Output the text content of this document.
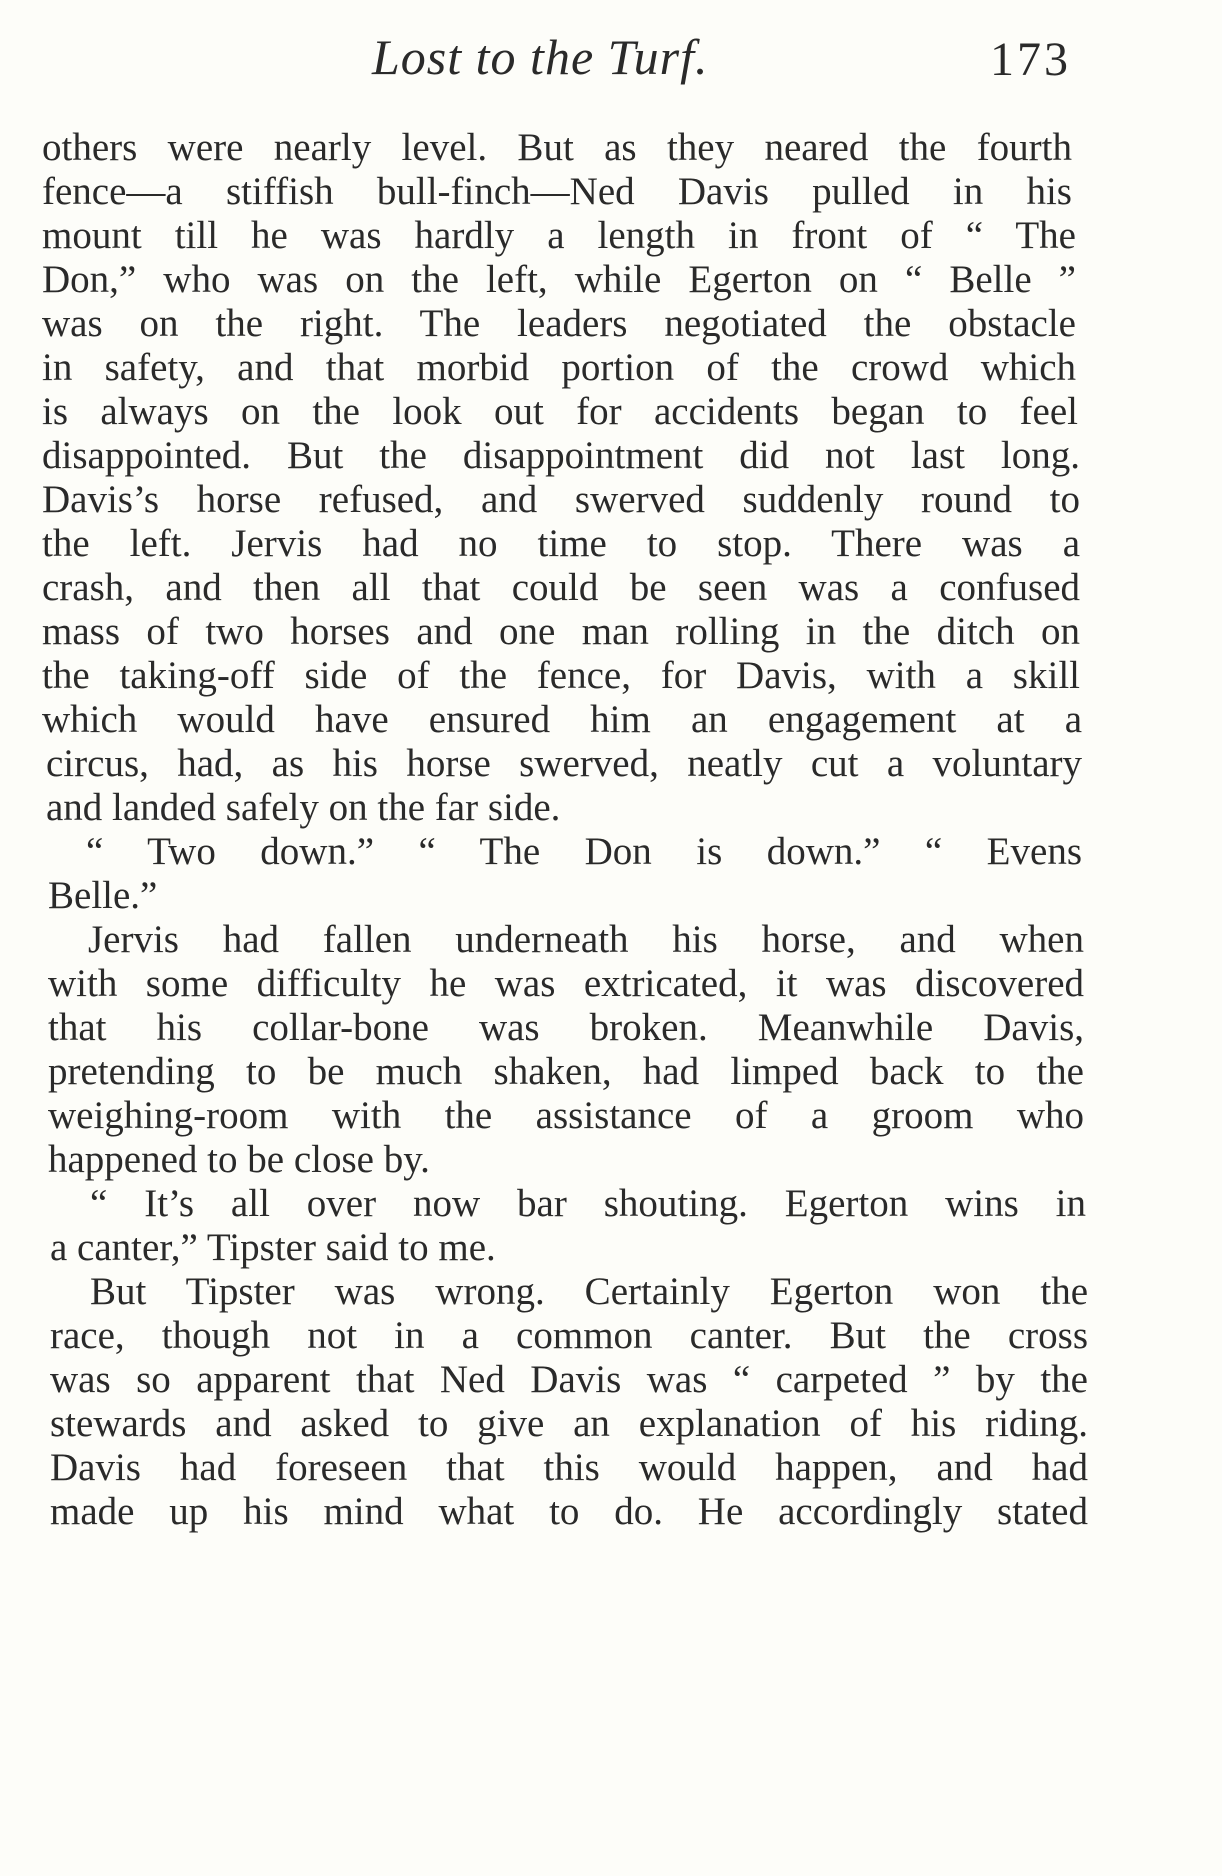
Lost to the Turf.	173
others were nearly level. But as they neared the fourth
fence—a stiffish bull-finch—Ned Davis pulled in his
mount till he was hardly a length in front of “ The
Don,” who was on the left, while Egerton on “ Belle ”
was on the right. The leaders negotiated the obstacle
in safety, and that morbid portion of the crowd which
is always on the look out for accidents began to feel
disappointed. But the disappointment did not last long.
Davis’s horse refused, and swerved suddenly round to
the left. Jervis had no time to stop. There was a
crash, and then all that could be seen was a confused
mass of two horses and one man rolling in the ditch on
the taking-off side of the fence, for Davis, with a skill
which would have ensured him an engagement at a
circus, had, as his horse swerved, neatly cut a voluntary
and landed safely on the far side.
“ Two down.” “ The Don is down.” “ Evens
Belle.”
Jervis had fallen underneath his horse, and when
with some difficulty he was extricated, it was discovered
that his collar-bone was broken. Meanwhile Davis,
pretending to be much shaken, had limped back to the
weighing-room with the assistance of a groom who
happened to be close by.
“ It’s all over now bar shouting. Egerton wins in
a canter,” Tipster said to me.
But Tipster was wrong. Certainly Egerton won the
race, though not in a common canter. But the cross
was so apparent that Ned Davis was “ carpeted ” by the
stewards and asked to give an explanation of his riding.
Davis had foreseen that this would happen, and had
made up his mind what to do. He accordingly stated
